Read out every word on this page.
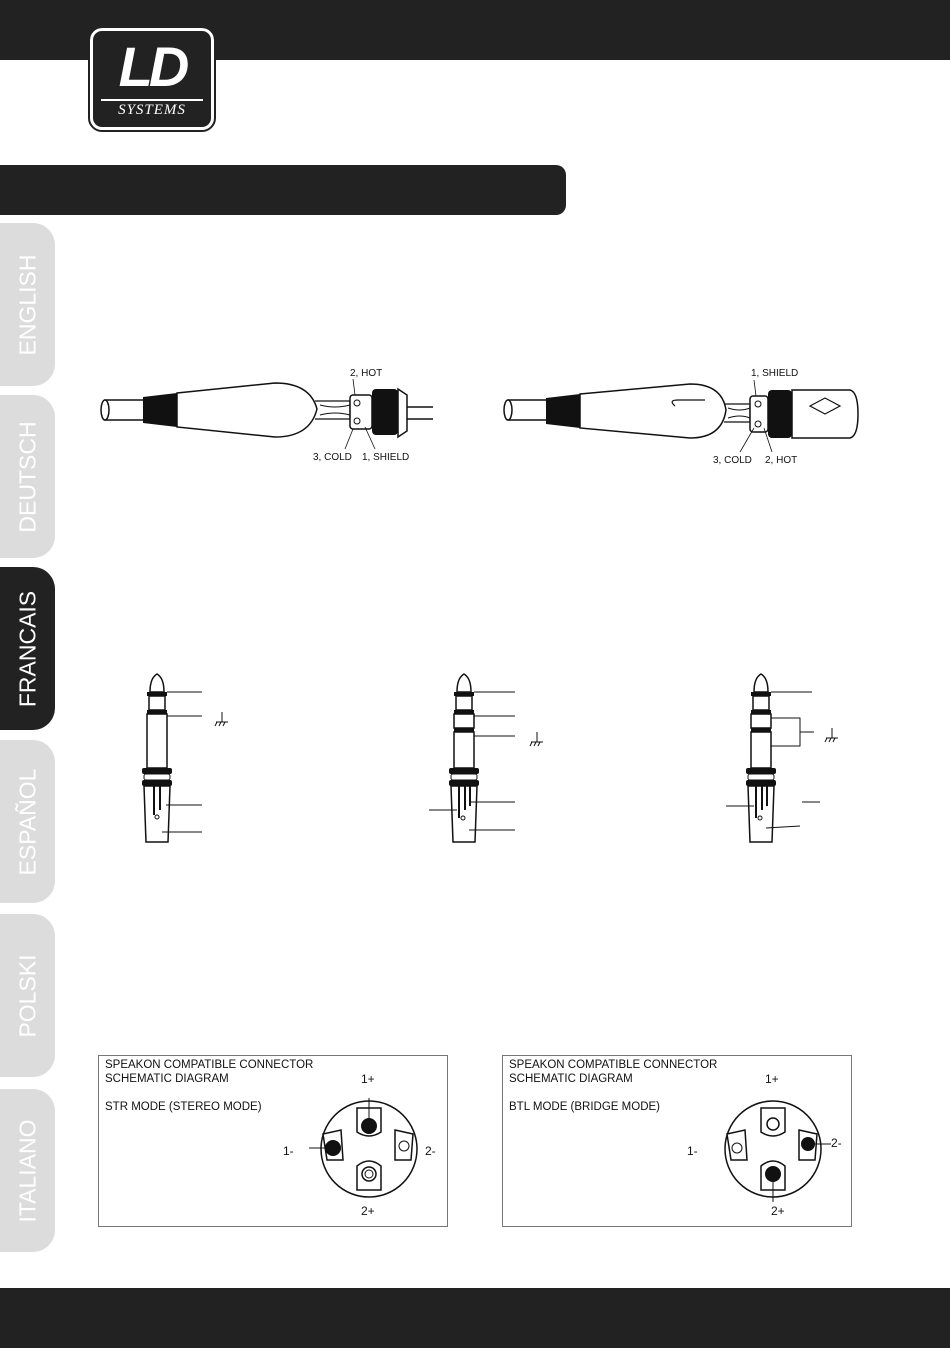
LD
SYSTEMS
ENGLISH
DEUTSCH
FRANCAIS
ESPAÑOL
POLSKI
ITALIANO
2, HOT
3, COLD 1, SHIELD
1, SHIELD
3, COLD 2, HOT
SPEAKON COMPATIBLE CONNECTOR
SCHEMATIC DIAGRAM
STR MODE (STEREO MODE)
1+
1-	2-
2+
SPEAKON COMPATIBLE CONNECTOR
SCHEMATIC DIAGRAM
BTL MODE (BRIDGE MODE)
1+
1-
2-
2+
